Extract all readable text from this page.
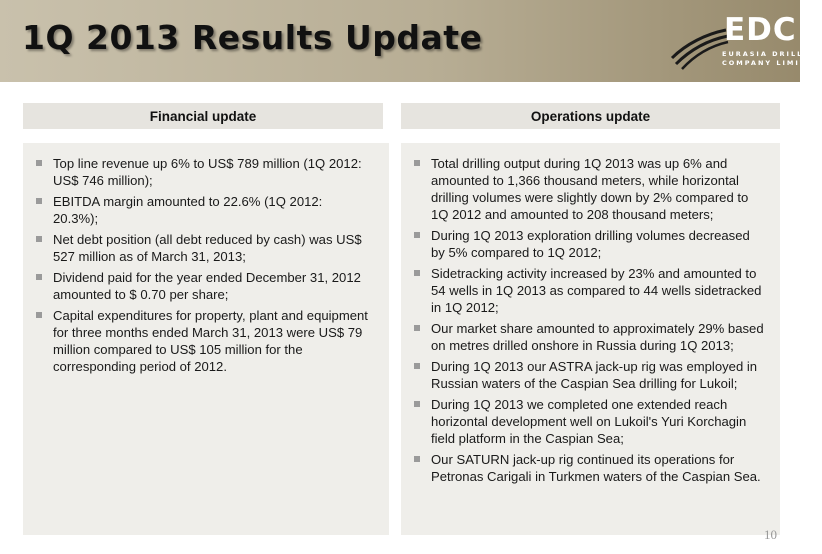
1Q 2013 Results Update	EDC
EURASIA DRILLING
COMPANY LIMITED
Financial update	Operations update
Top line revenue up 6% to US$ 789 million (1Q 2012: US$ 746 million);
EBITDA margin amounted to 22.6% (1Q 2012: 20.3%);
Net debt position (all debt reduced by cash) was US$ 527 million as of March 31, 2013;
Dividend paid for the year ended December 31, 2012 amounted to $ 0.70 per share;
Capital expenditures for property, plant and equipment for three months ended March 31, 2013 were US$ 79 million compared to US$ 105 million for the corresponding period of 2012.
Total drilling output during 1Q 2013 was up 6% and amounted to 1,366 thousand meters, while horizontal drilling volumes were slightly down by 2% compared to 1Q 2012 and amounted to 208 thousand meters;
During 1Q 2013 exploration drilling volumes decreased by 5% compared to 1Q 2012;
Sidetracking activity increased by 23% and amounted to 54 wells in 1Q 2013 as compared to 44 wells sidetracked in 1Q 2012;
Our market share amounted to approximately 29% based on metres drilled onshore in Russia during 1Q 2013;
During 1Q 2013 our ASTRA jack-up rig was employed in Russian waters of the Caspian Sea drilling for Lukoil;
During 1Q 2013 we completed one extended reach horizontal development well on Lukoil's Yuri Korchagin field platform in the Caspian Sea;
Our SATURN jack-up rig continued its operations for Petronas Carigali in Turkmen waters of the Caspian Sea.
10
